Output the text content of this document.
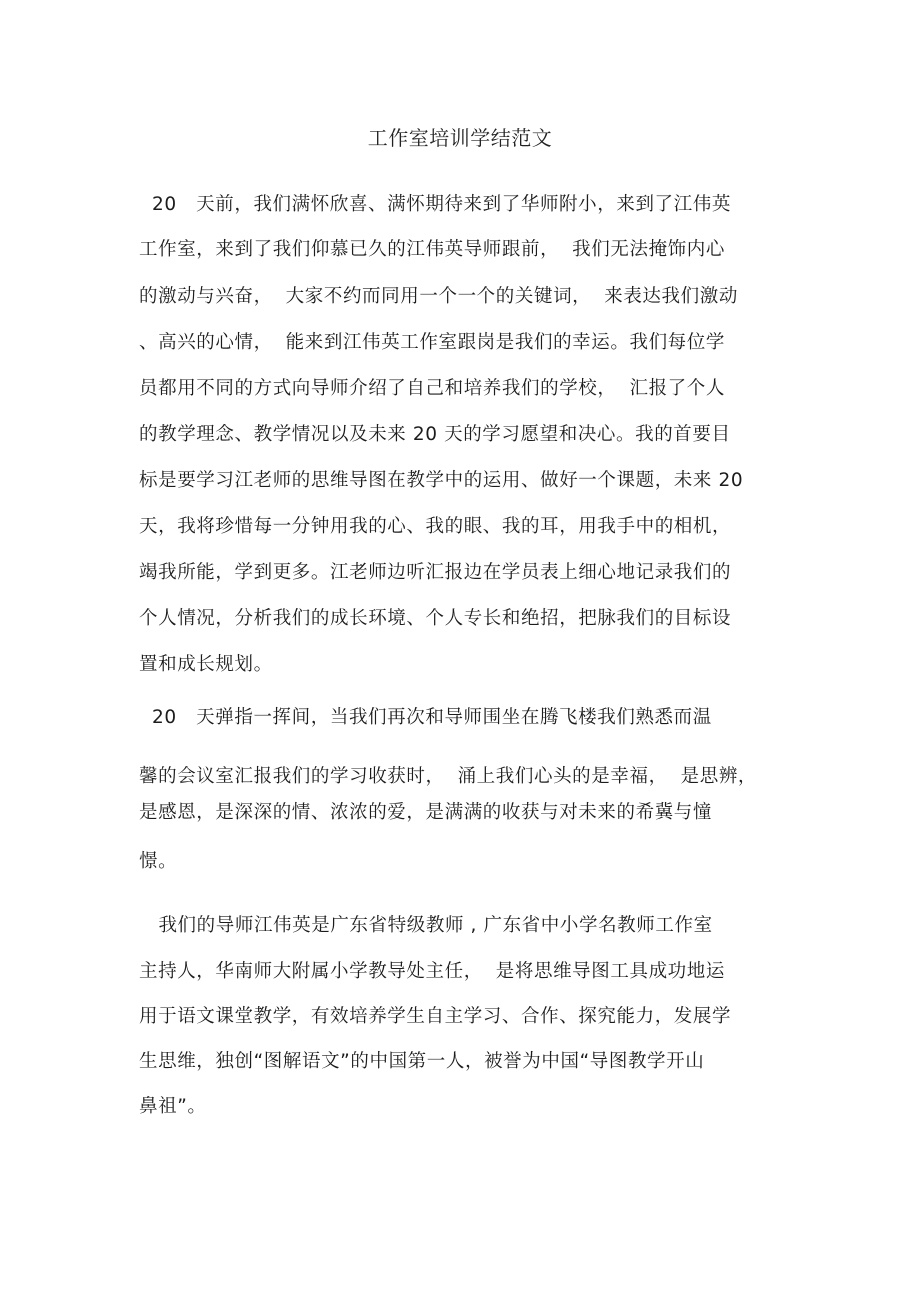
工作室培训学结范文
20   天前，我们满怀欣喜、满怀期待来到了华师附小，来到了江伟英
工作室，来到了我们仰慕已久的江伟英导师跟前，  我们无法掩饰内心
的激动与兴奋，  大家不约而同用一个一个的关键词，  来表达我们激动
、高兴的心情，  能来到江伟英工作室跟岗是我们的幸运。我们每位学
员都用不同的方式向导师介绍了自己和培养我们的学校，  汇报了个人
的教学理念、教学情况以及未来 20 天的学习愿望和决心。我的首要目
标是要学习江老师的思维导图在教学中的运用、做好一个课题，未来 20
天，我将珍惜每一分钟用我的心、我的眼、我的耳，用我手中的相机，
竭我所能，学到更多。江老师边听汇报边在学员表上细心地记录我们的
个人情况，分析我们的成长环境、个人专长和绝招，把脉我们的目标设
置和成长规划。
20   天弹指一挥间，当我们再次和导师围坐在腾飞楼我们熟悉而温
馨的会议室汇报我们的学习收获时，  涌上我们心头的是幸福，  是思辨，
是感恩，是深深的情、浓浓的爱，是满满的收获与对未来的希冀与憧
憬。
我们的导师江伟英是广东省特级教师 , 广东省中小学名教师工作室
主持人，华南师大附属小学教导处主任，  是将思维导图工具成功地运
用于语文课堂教学，有效培养学生自主学习、合作、探究能力，发展学
生思维，独创“图解语文”的中国第一人，被誉为中国“导图教学开山
鼻祖”。
